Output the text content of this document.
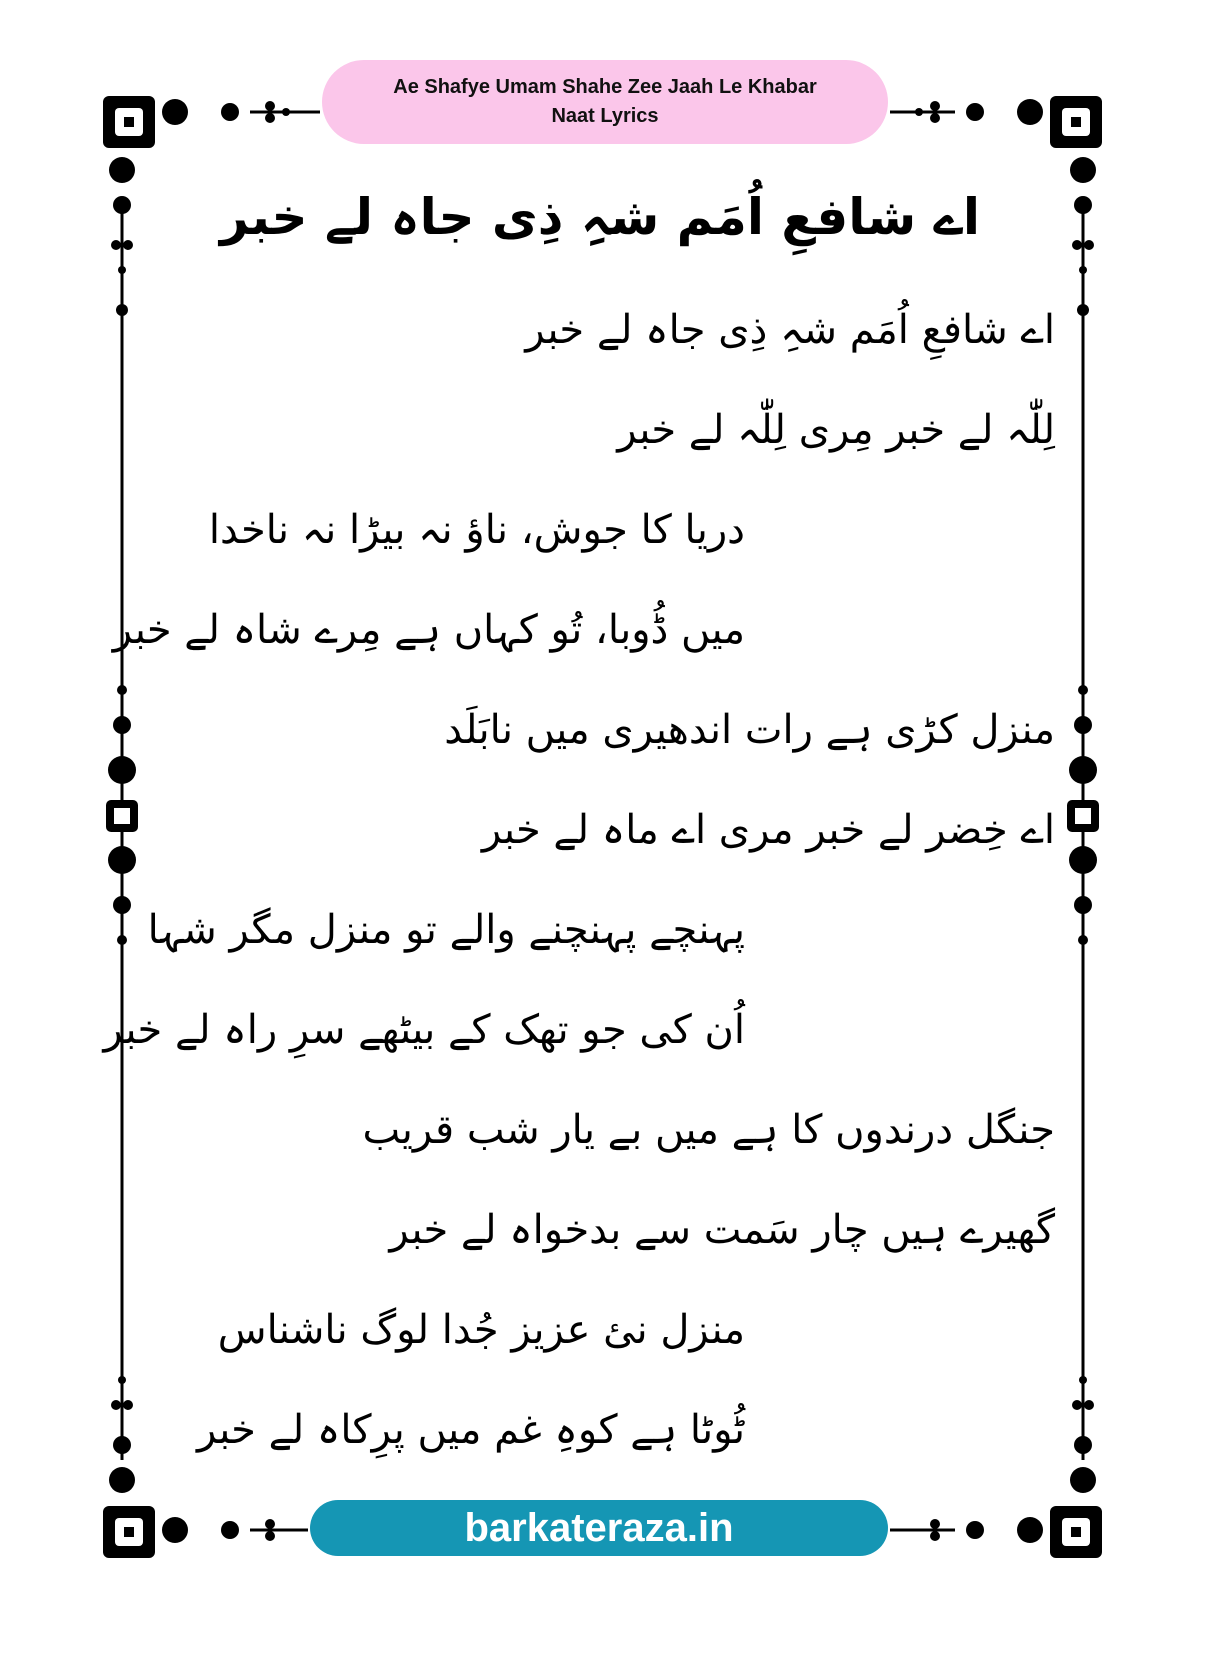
Ae Shafye Umam Shahe Zee Jaah Le Khabar
Naat Lyrics
اے شافعِ اُمَم شہِ ذِی جاہ لے خبر
اے شافعِ اُمَم شہِ ذِی جاہ لے خبر
لِلّٰہ لے خبر مِری لِلّٰہ لے خبر
دریا کا جوش، ناؤ نہ بیڑا نہ ناخدا
میں ڈُوبا، تُو کہاں ہے مِرے شاہ لے خبر
منزل کڑی ہے رات اندھیری میں نابَلَد
اے خِضر لے خبر مری اے ماہ لے خبر
پہنچے پہنچنے والے تو منزل مگر شہا
اُن کی جو تھک کے بیٹھے سرِ راہ لے خبر
جنگل درندوں کا ہے میں بے یار شب قریب
گھیرے ہیں چار سَمت سے بدخواہ لے خبر
منزل نئ عزیز جُدا لوگ ناشناس
ٹُوٹا ہے کوہِ غم میں پرِکاہ لے خبر
barkateraza.in
